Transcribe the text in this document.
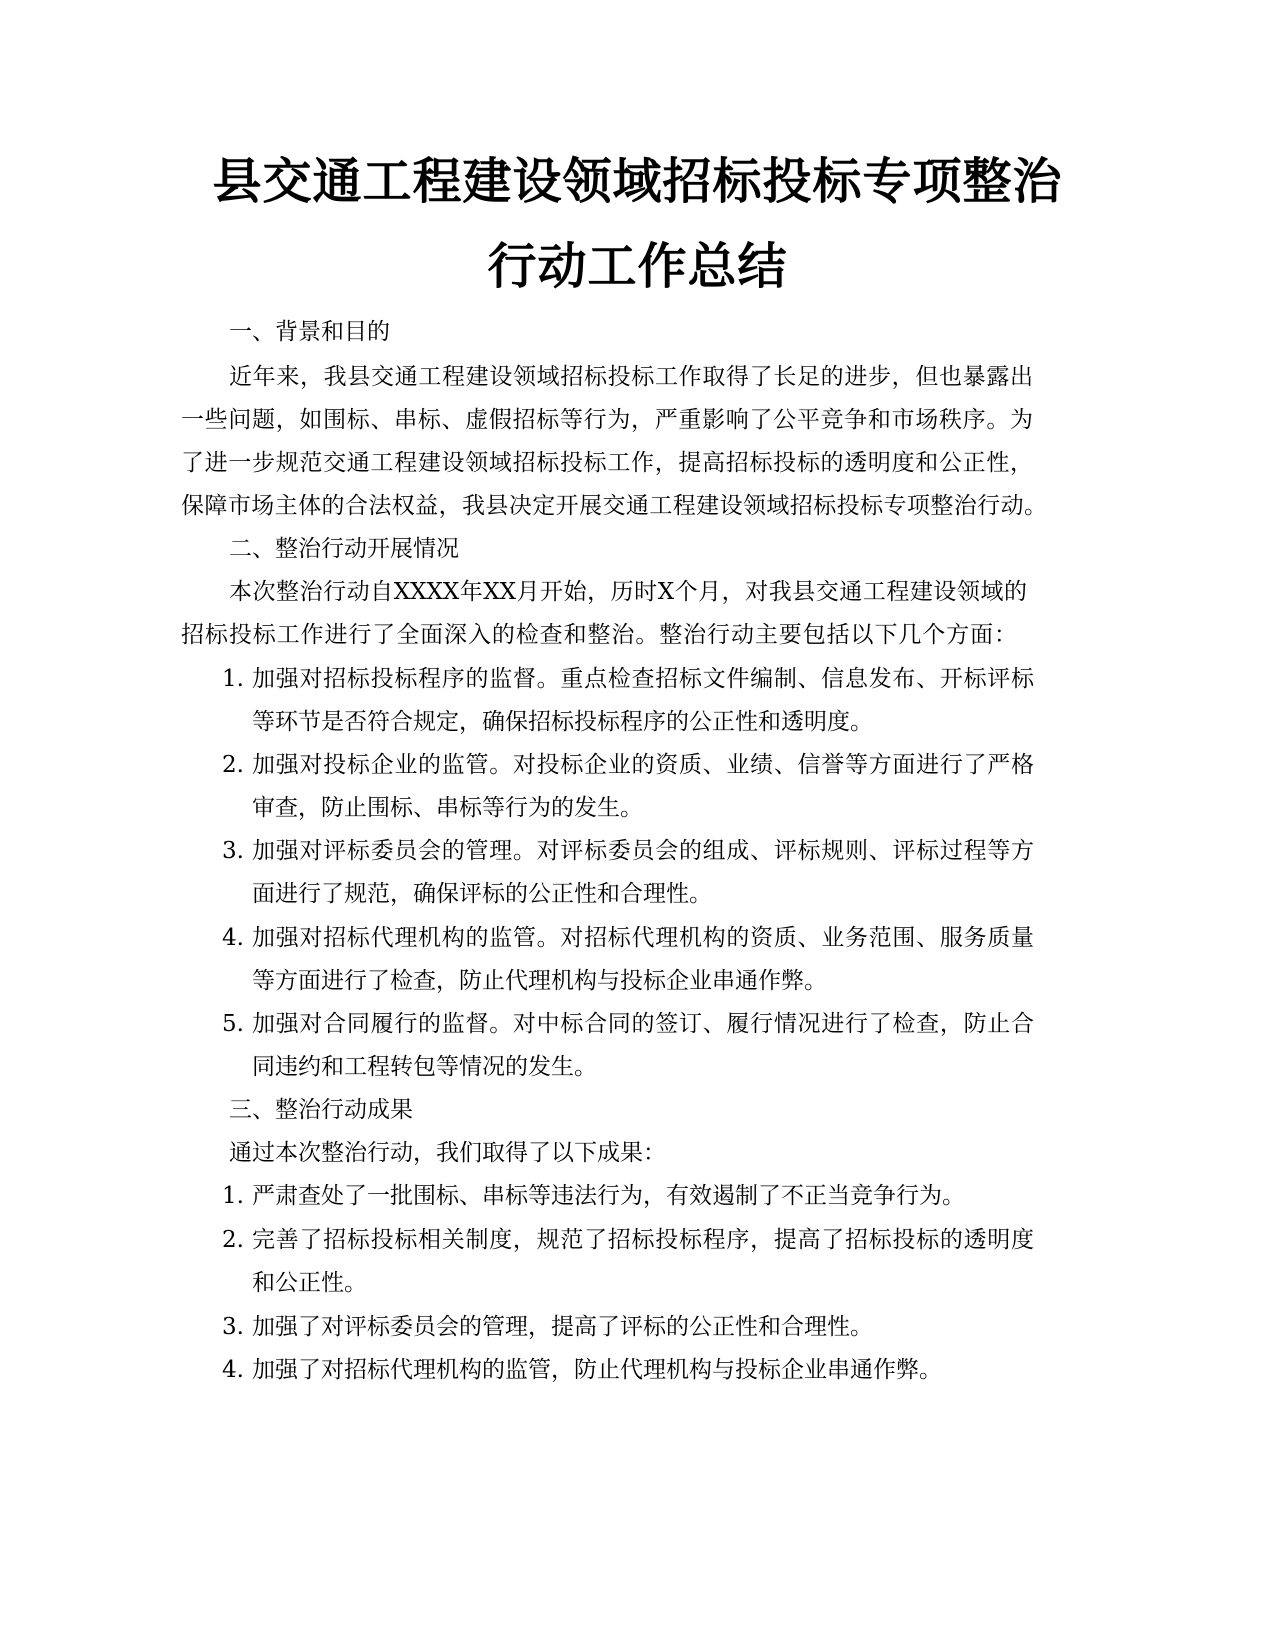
县交通工程建设领域招标投标专项整治
行动工作总结
一、背景和目的
近年来，我县交通工程建设领域招标投标工作取得了长足的进步，但也暴露出
一些问题，如围标、串标、虚假招标等行为，严重影响了公平竞争和市场秩序。为
了进一步规范交通工程建设领域招标投标工作，提高招标投标的透明度和公正性，
保障市场主体的合法权益，我县决定开展交通工程建设领域招标投标专项整治行动。
二、整治行动开展情况
本次整治行动自XXXX年XX月开始，历时X个月，对我县交通工程建设领域的
招标投标工作进行了全面深入的检查和整治。整治行动主要包括以下几个方面：
1. 加强对招标投标程序的监督。重点检查招标文件编制、信息发布、开标评标
等环节是否符合规定，确保招标投标程序的公正性和透明度。
2. 加强对投标企业的监管。对投标企业的资质、业绩、信誉等方面进行了严格
审查，防止围标、串标等行为的发生。
3. 加强对评标委员会的管理。对评标委员会的组成、评标规则、评标过程等方
面进行了规范，确保评标的公正性和合理性。
4. 加强对招标代理机构的监管。对招标代理机构的资质、业务范围、服务质量
等方面进行了检查，防止代理机构与投标企业串通作弊。
5. 加强对合同履行的监督。对中标合同的签订、履行情况进行了检查，防止合
同违约和工程转包等情况的发生。
三、整治行动成果
通过本次整治行动，我们取得了以下成果：
1. 严肃查处了一批围标、串标等违法行为，有效遏制了不正当竞争行为。
2. 完善了招标投标相关制度，规范了招标投标程序，提高了招标投标的透明度
和公正性。
3. 加强了对评标委员会的管理，提高了评标的公正性和合理性。
4. 加强了对招标代理机构的监管，防止代理机构与投标企业串通作弊。
